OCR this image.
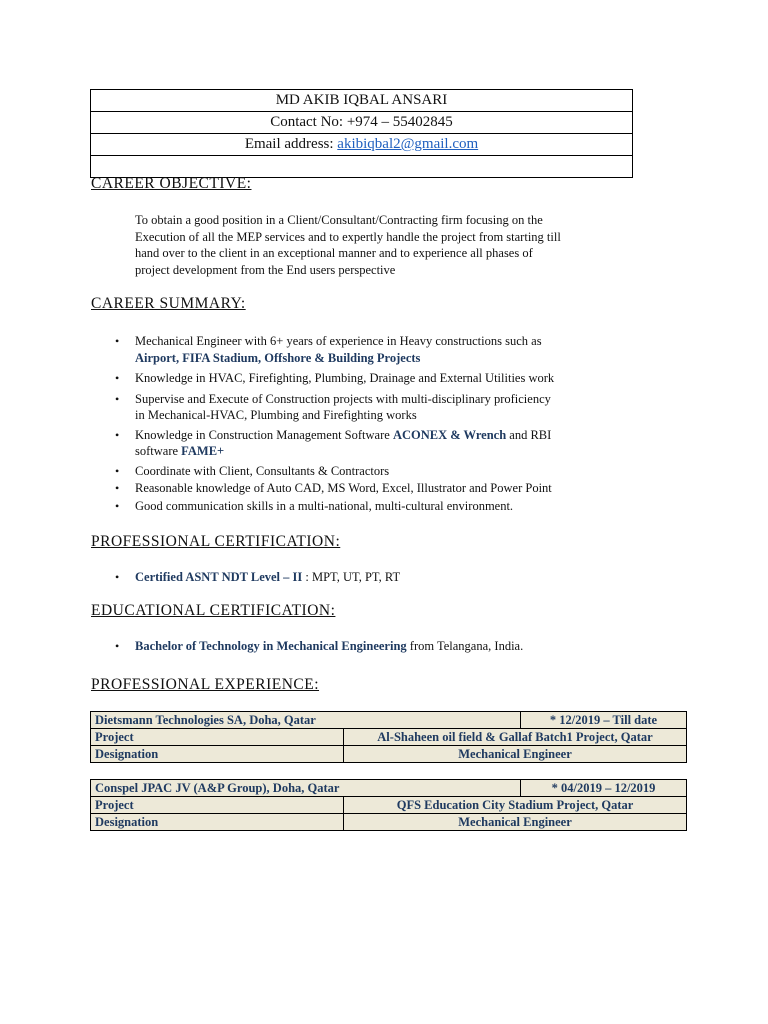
MD AKIB IQBAL ANSARI
Contact No: +974 – 55402845
Email address: akibiqbal2@gmail.com
CAREER OBJECTIVE:
To obtain a good position in a Client/Consultant/Contracting firm focusing on the
Execution of all the MEP services and to expertly handle the project from starting till
hand over to the client in an exceptional manner and to experience all phases of
project development from the End users perspective
CAREER SUMMARY:
• Mechanical Engineer with 6+ years of experience in Heavy constructions such as
Airport, FIFA Stadium, Offshore & Building Projects
• Knowledge in HVAC, Firefighting, Plumbing, Drainage and External Utilities work
• Supervise and Execute of Construction projects with multi-disciplinary proficiency
in Mechanical-HVAC, Plumbing and Firefighting works
• Knowledge in Construction Management Software ACONEX & Wrench and RBI
software FAME+
• Coordinate with Client, Consultants & Contractors
• Reasonable knowledge of Auto CAD, MS Word, Excel, Illustrator and Power Point
• Good communication skills in a multi-national, multi-cultural environment.
PROFESSIONAL CERTIFICATION:
• Certified ASNT NDT Level – II : MPT, UT, PT, RT
EDUCATIONAL CERTIFICATION:
• Bachelor of Technology in Mechanical Engineering from Telangana, India.
PROFESSIONAL EXPERIENCE:
Dietsmann Technologies SA, Doha, Qatar		* 12/2019 – Till date
Project	Al-Shaheen oil field & Gallaf Batch1 Project, Qatar	
Designation	Mechanical Engineer	
Conspel JPAC JV (A&P Group), Doha, Qatar		* 04/2019 – 12/2019
Project	QFS Education City Stadium Project, Qatar	
Designation	Mechanical Engineer	
